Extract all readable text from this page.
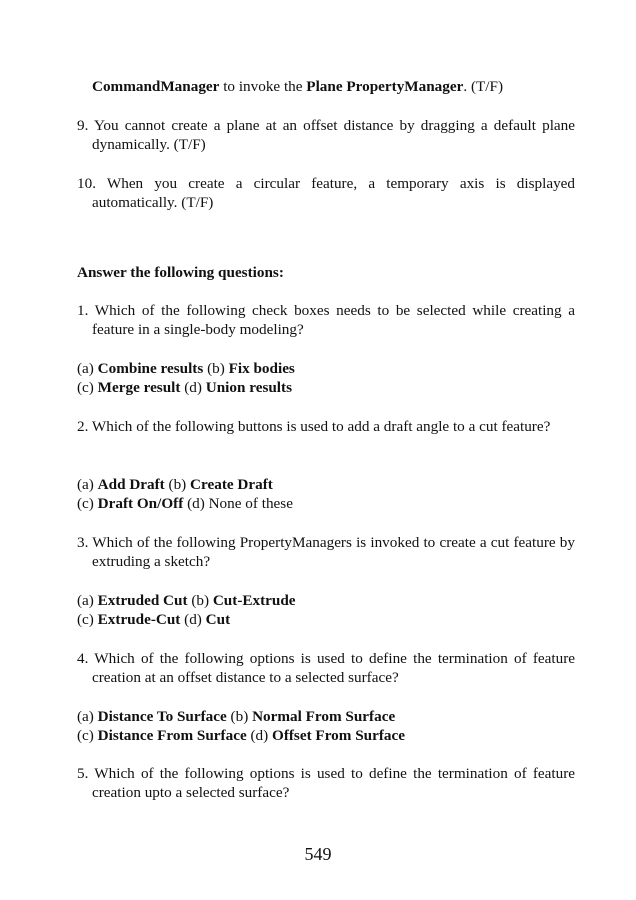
CommandManager to invoke the Plane PropertyManager. (T/F)
9. You cannot create a plane at an offset distance by dragging a default plane dynamically. (T/F)
10. When you create a circular feature, a temporary axis is displayed automatically. (T/F)
Answer the following questions:
1. Which of the following check boxes needs to be selected while creating a feature in a single-body modeling?
(a) Combine results (b) Fix bodies
(c) Merge result (d) Union results
2. Which of the following buttons is used to add a draft angle to a cut feature?
(a) Add Draft (b) Create Draft
(c) Draft On/Off (d) None of these
3. Which of the following PropertyManagers is invoked to create a cut feature by extruding a sketch?
(a) Extruded Cut (b) Cut-Extrude
(c) Extrude-Cut (d) Cut
4. Which of the following options is used to define the termination of feature creation at an offset distance to a selected surface?
(a) Distance To Surface (b) Normal From Surface
(c) Distance From Surface (d) Offset From Surface
5. Which of the following options is used to define the termination of feature creation upto a selected surface?
549
